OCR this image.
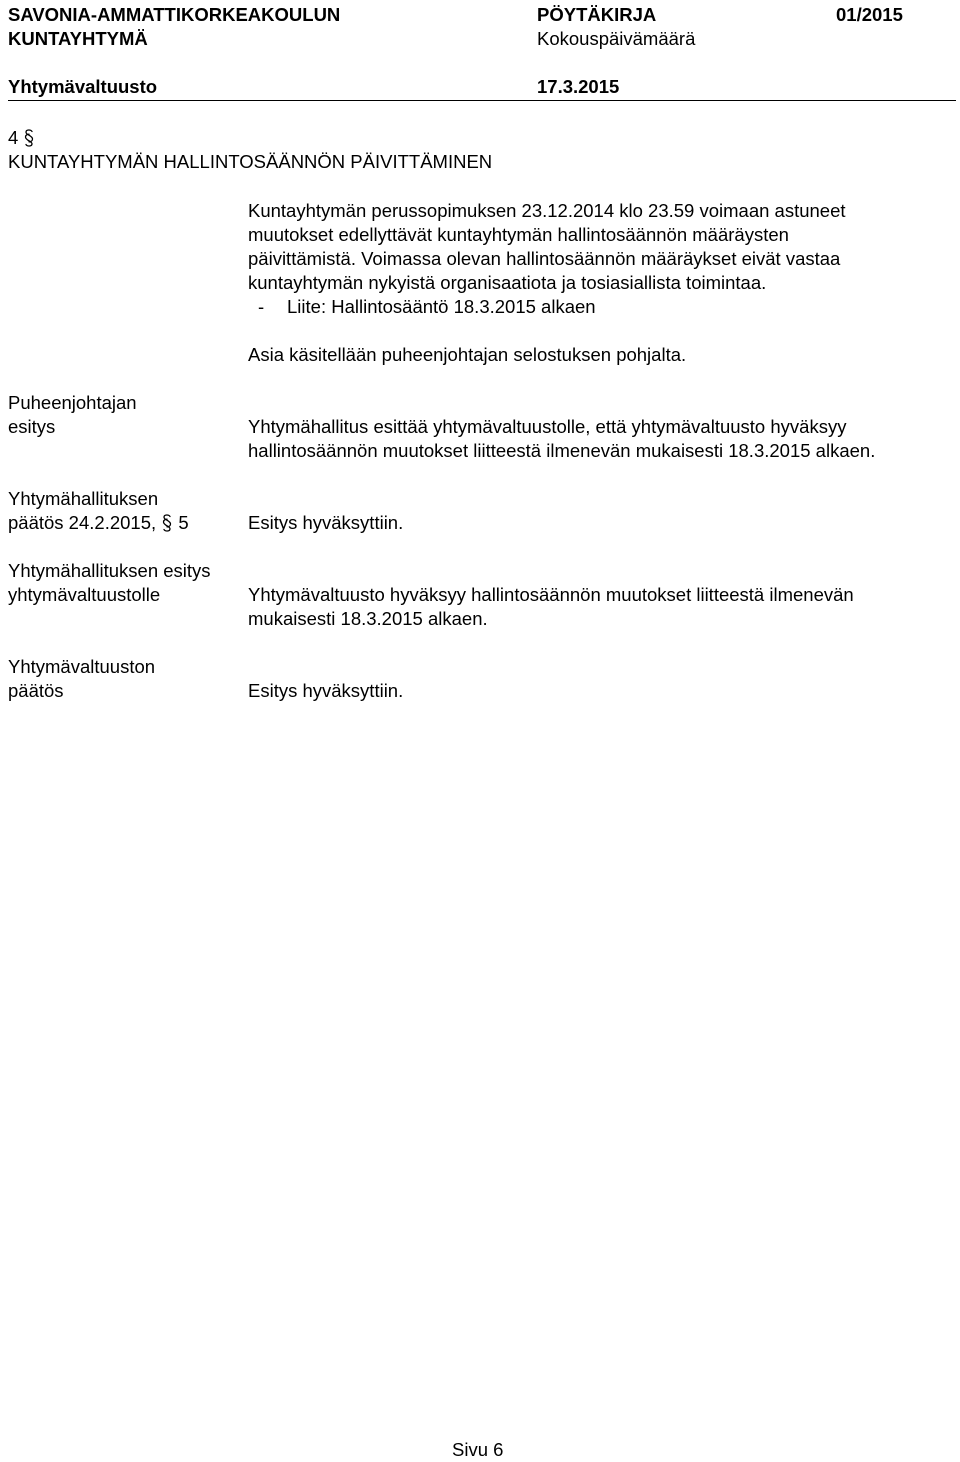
SAVONIA-AMMATTIKORKEAKOULUN
KUNTAYHTYMÄ
PÖYTÄKIRJA
Kokouspäivämäärä
01/2015
Yhtymävaltuusto	17.3.2015
4
KUNTAYHTYMÄN HALLINTOSÄÄNNÖN PÄIVITTÄMINEN
Kuntayhtymän perussopimuksen 23.12.2014 klo 23.59 voimaan astuneet
muutokset edellyttävät kuntayhtymän hallintosäännön määräysten
päivittämistä. Voimassa olevan hallintosäännön määräykset eivät vastaa
kuntayhtymän nykyistä organisaatiota ja tosiasiallista toimintaa.
- Liite: Hallintosääntö 18.3.2015 alkaen
Asia käsitellään puheenjohtajan selostuksen pohjalta.
Puheenjohtajan
esitys	Yhtymähallitus esittää yhtymävaltuustolle, että yhtymävaltuusto hyväksyy
hallintosäännön muutokset liitteestä ilmenevän mukaisesti 18.3.2015 alkaen.
Yhtymähallituksen
päätös 24.2.2015, 5	Esitys hyväksyttiin.
Yhtymähallituksen esitys
yhtymävaltuustolle	Yhtymävaltuusto hyväksyy hallintosäännön muutokset liitteestä ilmenevän
mukaisesti 18.3.2015 alkaen.
Yhtymävaltuuston
päätös	Esitys hyväksyttiin.
Sivu 6
